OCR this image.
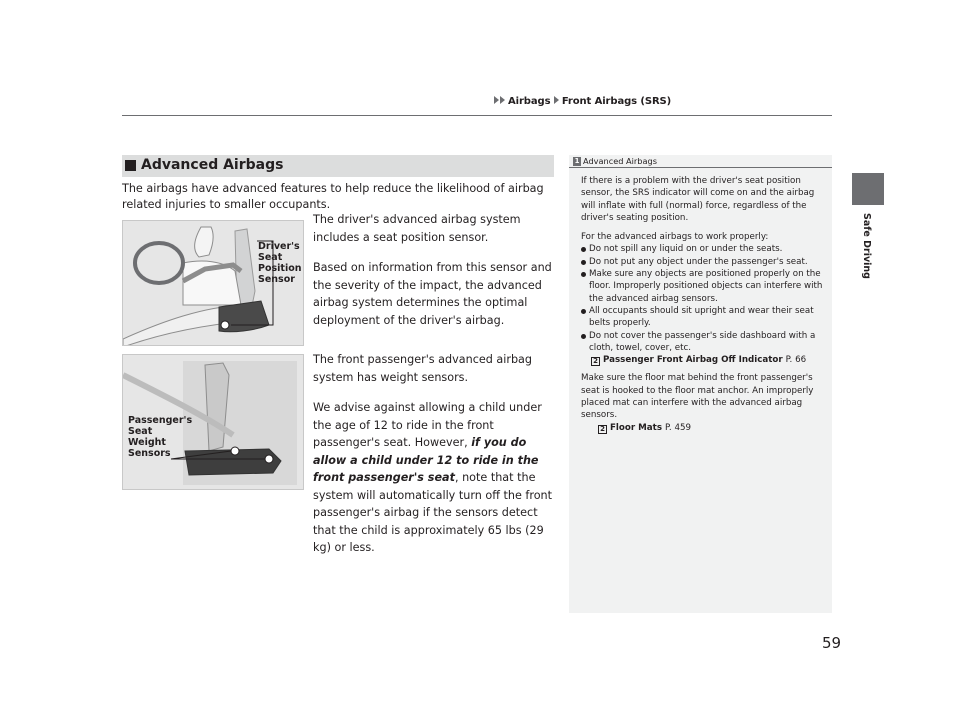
Airbags Front Airbags (SRS)
Safe Driving
Advanced Airbags

The airbags have advanced features to help reduce the likelihood of airbag related injuries to smaller occupants.

Driver's
Seat
Position
Sensor
Passenger's
Seat
Weight
Sensors

The driver's advanced airbag system includes a seat position sensor.

Based on information from this sensor and the severity of the impact, the advanced airbag system determines the optimal deployment of the driver's airbag.

The front passenger's advanced airbag system has weight sensors.

We advise against allowing a child under the age of 12 to ride in the front passenger's seat. However, if you do allow a child under 12 to ride in the front passenger's seat, note that the system will automatically turn off the front passenger's airbag if the sensors detect that the child is approximately 65 lbs (29 kg) or less.

1 Advanced Airbags

If there is a problem with the driver's seat position sensor, the SRS indicator will come on and the airbag will inflate with full (normal) force, regardless of the driver's seating position.

For the advanced airbags to work properly:
Do not spill any liquid on or under the seats.
Do not put any object under the passenger's seat.
Make sure any objects are positioned properly on the floor. Improperly positioned objects can interfere with the advanced airbag sensors.
All occupants should sit upright and wear their seat belts properly.
Do not cover the passenger's side dashboard with a cloth, towel, cover, etc.
2 Passenger Front Airbag Off Indicator P. 66

Make sure the floor mat behind the front passenger's seat is hooked to the floor mat anchor. An improperly placed mat can interfere with the advanced airbag sensors.

2 Floor Mats P. 459
59
